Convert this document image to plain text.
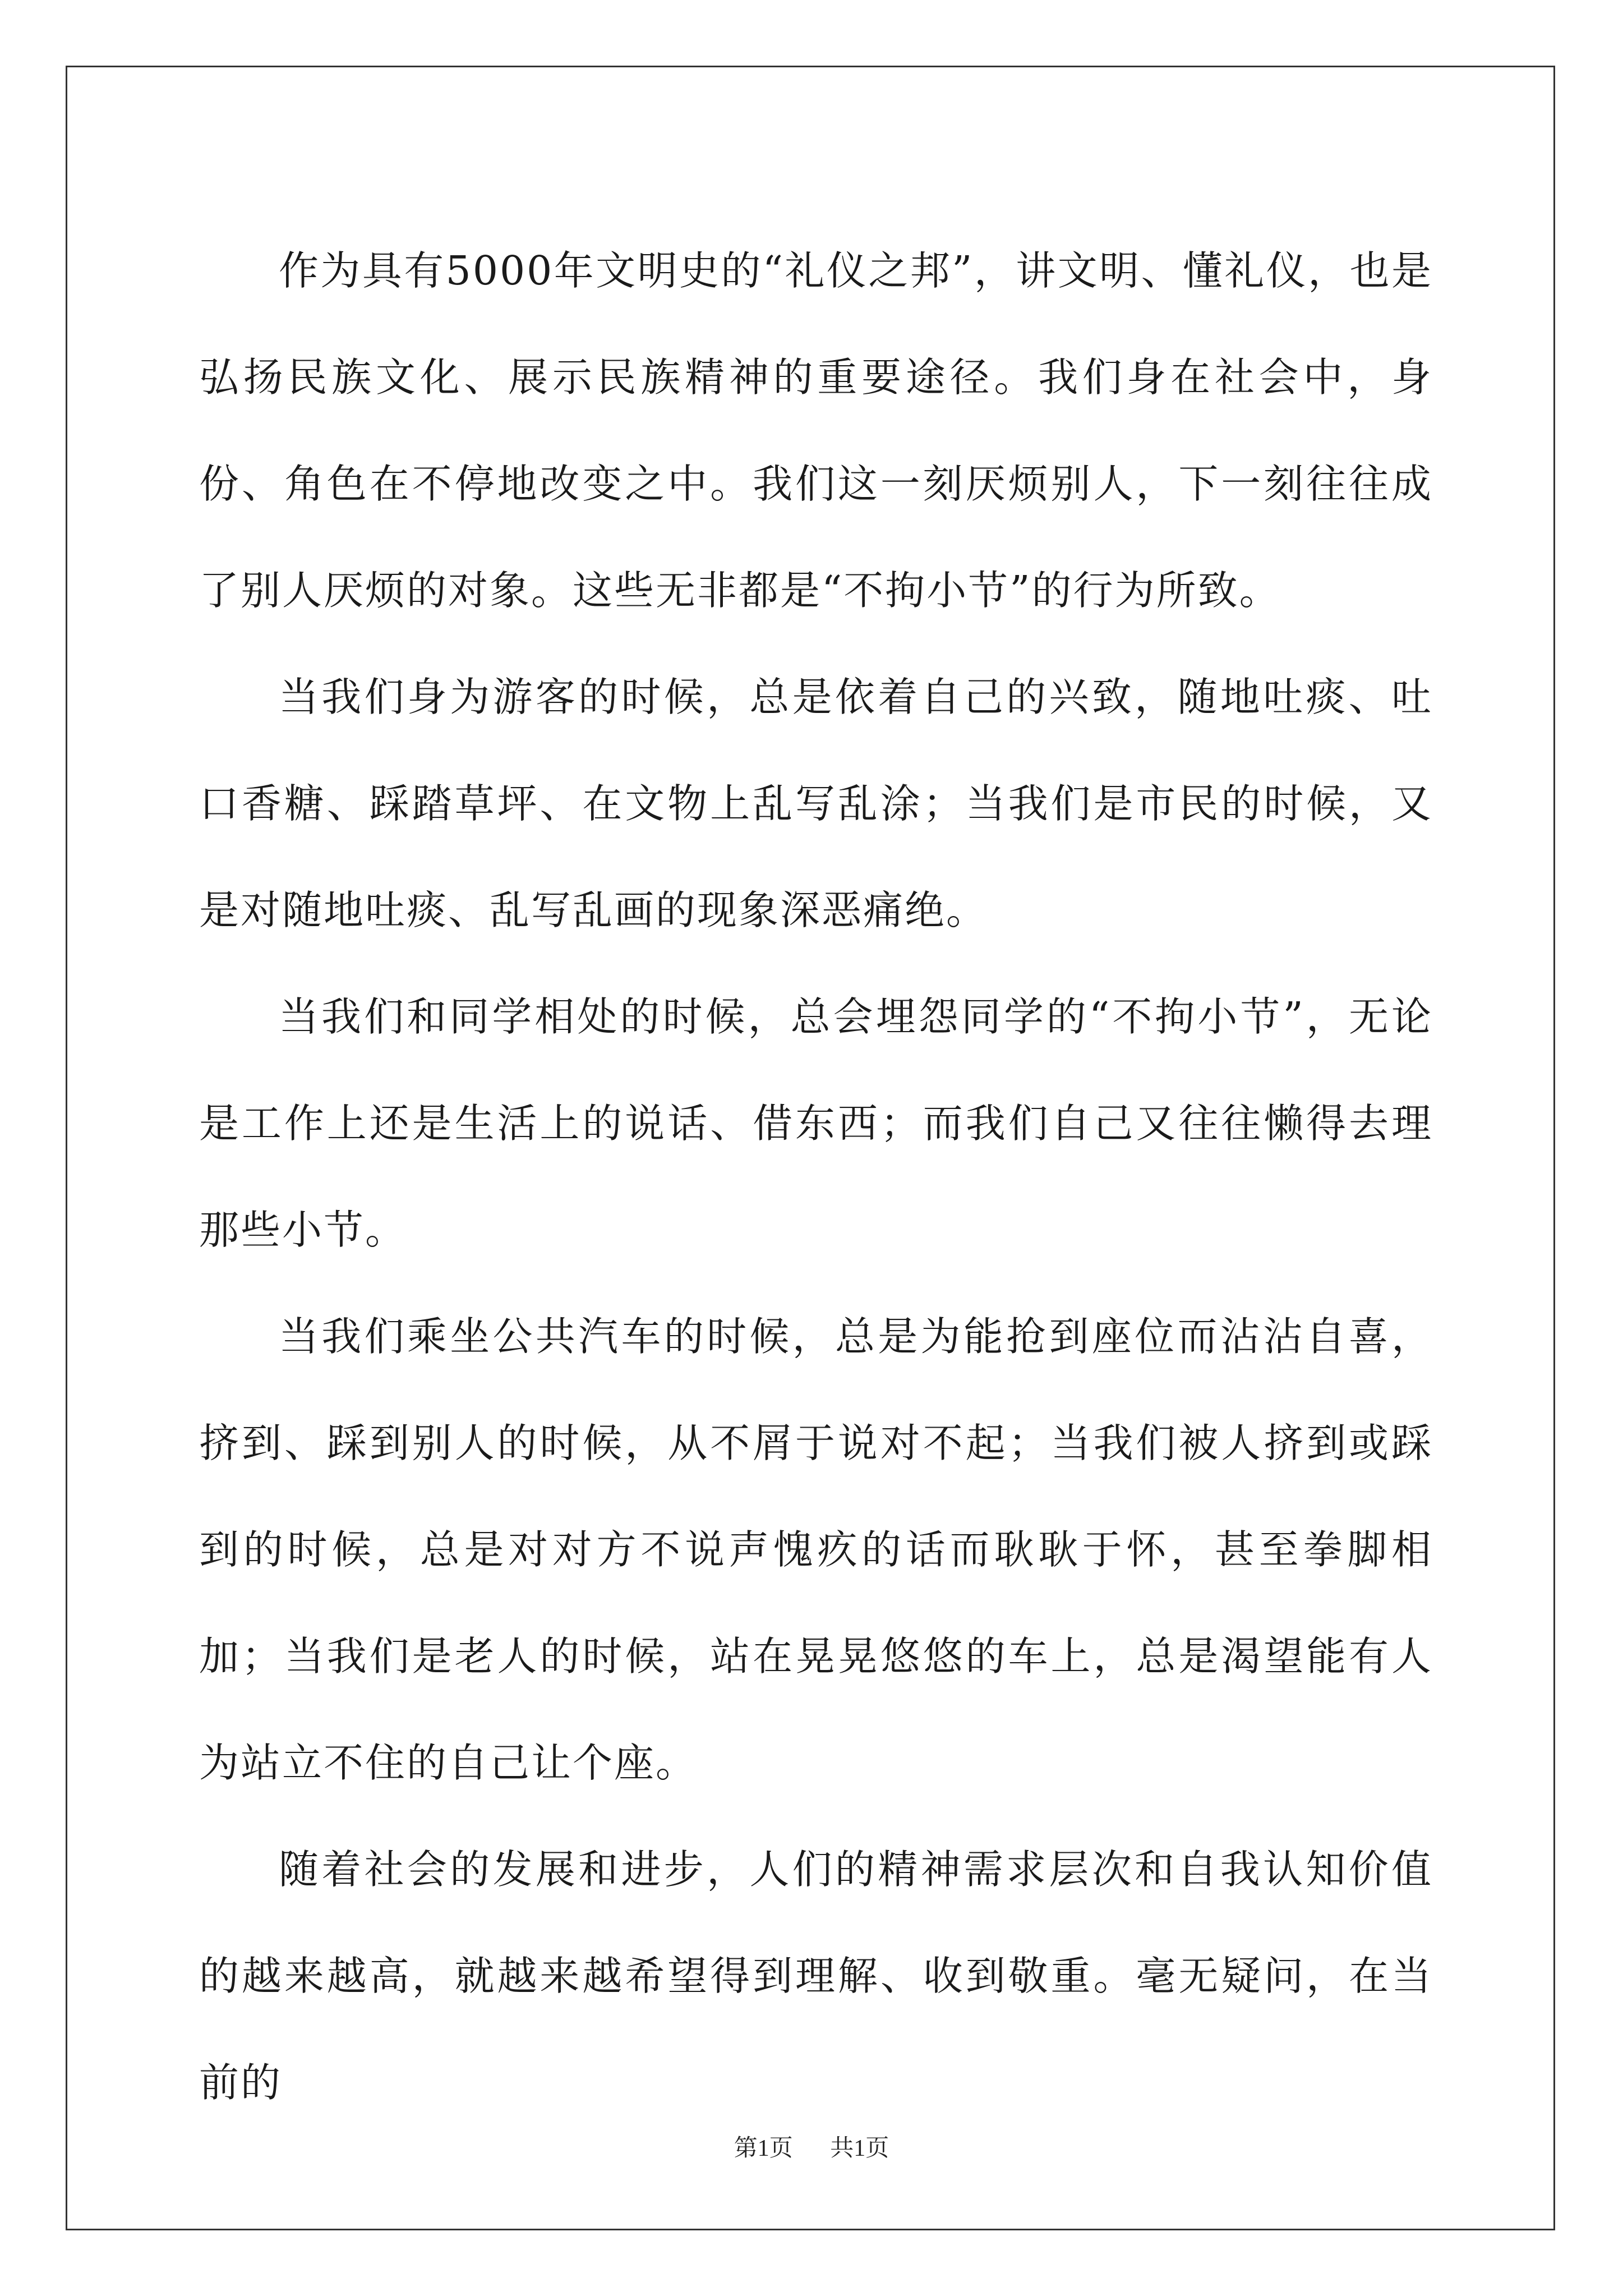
作为具有5000年文明史的“礼仪之邦”，讲文明、懂礼仪，也是弘扬民族文化、展示民族精神的重要途径。我们身在社会中，身份、角色在不停地改变之中。我们这一刻厌烦别人，下一刻往往成了别人厌烦的对象。这些无非都是“不拘小节”的行为所致。

当我们身为游客的时候，总是依着自己的兴致，随地吐痰、吐口香糖、踩踏草坪、在文物上乱写乱涂；当我们是市民的时候，又是对随地吐痰、乱写乱画的现象深恶痛绝。

当我们和同学相处的时候，总会埋怨同学的“不拘小节”，无论是工作上还是生活上的说话、借东西；而我们自己又往往懒得去理那些小节。

当我们乘坐公共汽车的时候，总是为能抢到座位而沾沾自喜，挤到、踩到别人的时候，从不屑于说对不起；当我们被人挤到或踩到的时候，总是对对方不说声愧疚的话而耿耿于怀，甚至拳脚相加；当我们是老人的时候，站在晃晃悠悠的车上，总是渴望能有人为站立不住的自己让个座。

随着社会的发展和进步，人们的精神需求层次和自我认知价值的越来越高，就越来越希望得到理解、收到敬重。毫无疑问，在当前的

第1页 共1页
